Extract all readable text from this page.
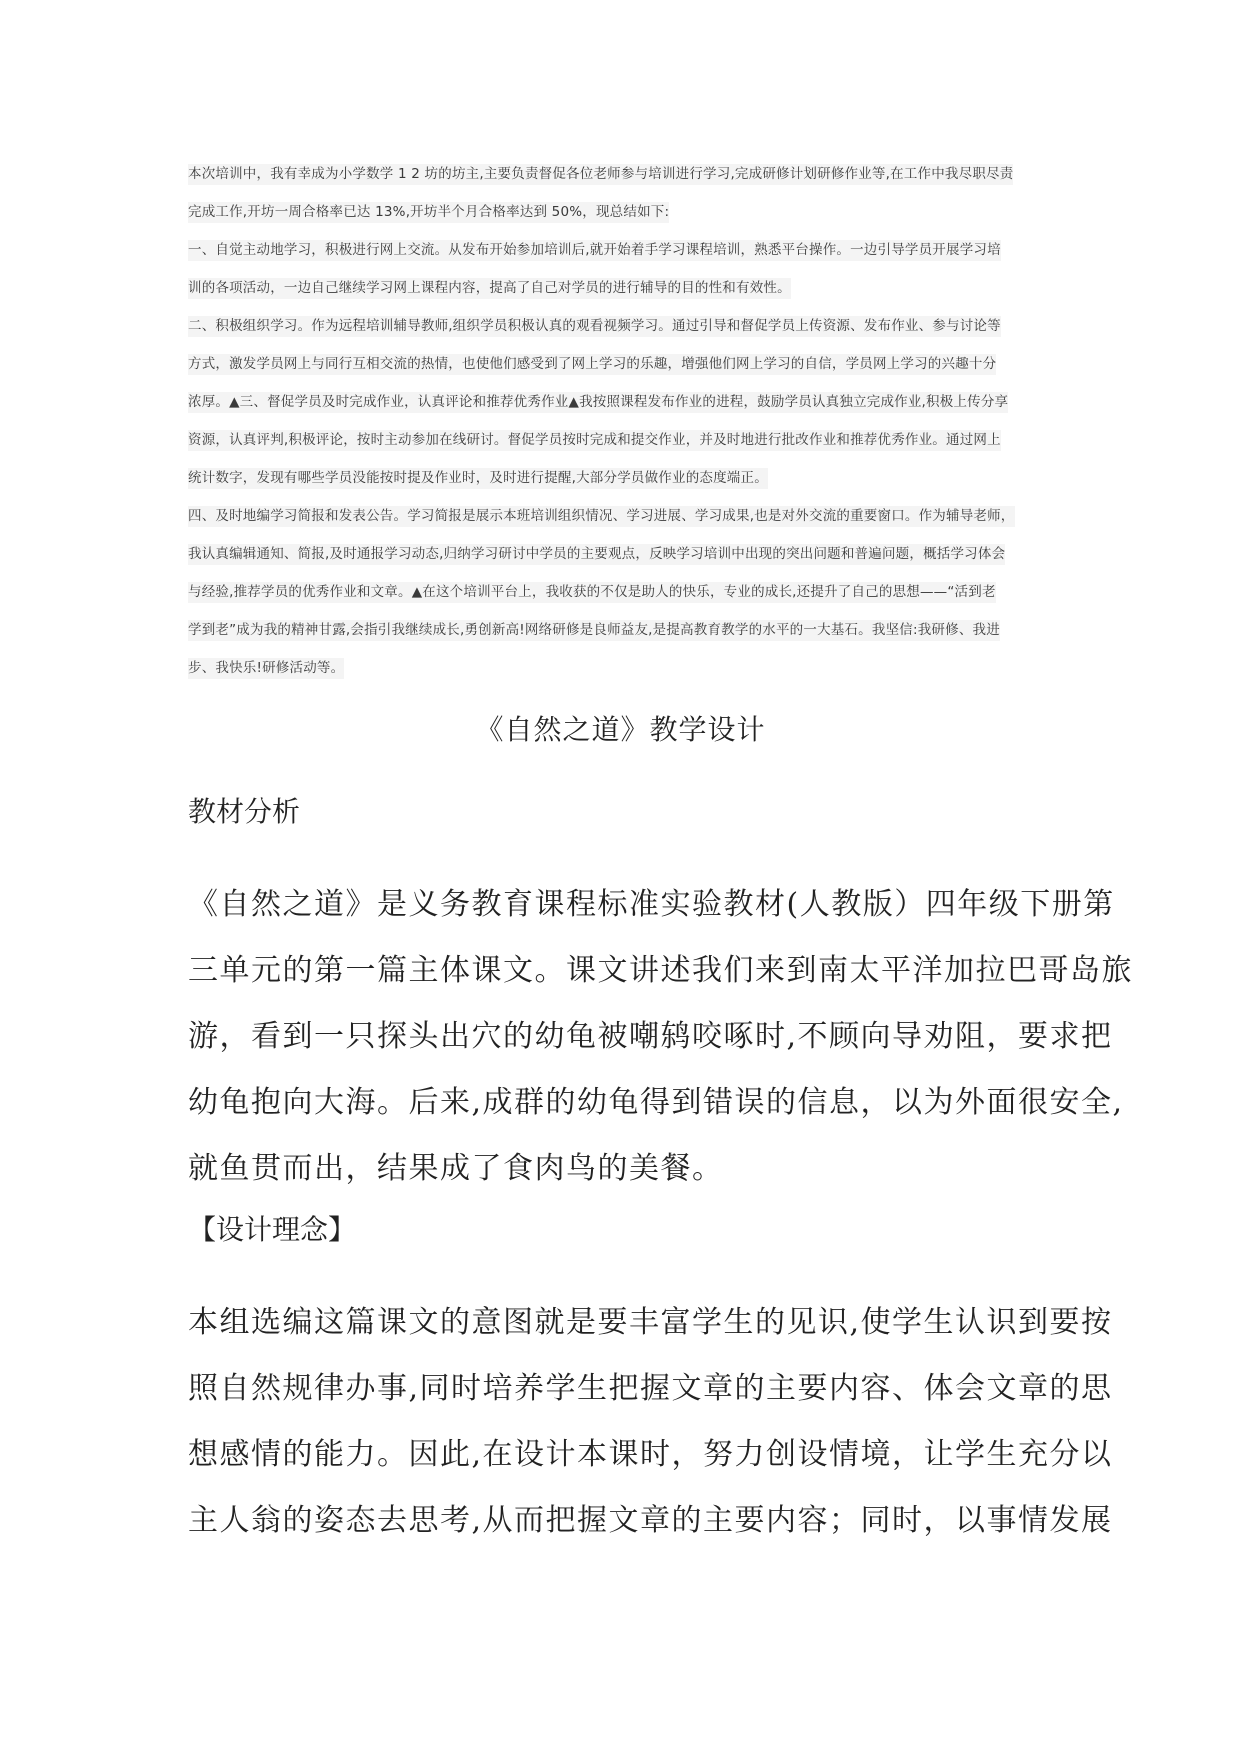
本次培训中，我有幸成为小学数学 1 2 坊的坊主,主要负责督促各位老师参与培训进行学习,完成研修计划研修作业等,在工作中我尽职尽责
完成工作,开坊一周合格率已达 13%,开坊半个月合格率达到 50%，现总结如下:
一、自觉主动地学习，积极进行网上交流。从发布开始参加培训后,就开始着手学习课程培训，熟悉平台操作。一边引导学员开展学习培
训的各项活动，一边自己继续学习网上课程内容，提高了自己对学员的进行辅导的目的性和有效性。
二、积极组织学习。作为远程培训辅导教师,组织学员积极认真的观看视频学习。通过引导和督促学员上传资源、发布作业、参与讨论等
方式，激发学员网上与同行互相交流的热情，也使他们感受到了网上学习的乐趣，增强他们网上学习的自信，学员网上学习的兴趣十分
浓厚。▲三、督促学员及时完成作业，认真评论和推荐优秀作业▲我按照课程发布作业的进程，鼓励学员认真独立完成作业,积极上传分享
资源，认真评判,积极评论，按时主动参加在线研讨。督促学员按时完成和提交作业，并及时地进行批改作业和推荐优秀作业。通过网上
统计数字，发现有哪些学员没能按时提及作业时，及时进行提醒,大部分学员做作业的态度端正。
四、及时地编学习简报和发表公告。学习简报是展示本班培训组织情况、学习进展、学习成果,也是对外交流的重要窗口。作为辅导老师，
我认真编辑通知、简报,及时通报学习动态,归纳学习研讨中学员的主要观点，反映学习培训中出现的突出问题和普遍问题，概括学习体会
与经验,推荐学员的优秀作业和文章。▲在这个培训平台上，我收获的不仅是助人的快乐，专业的成长,还提升了自己的思想——“活到老
学到老”成为我的精神甘露,会指引我继续成长,勇创新高!网络研修是良师益友,是提高教育教学的水平的一大基石。我坚信:我研修、我进
步、我快乐!研修活动等。
《自然之道》教学设计
教材分析
《自然之道》是义务教育课程标准实验教材(人教版）四年级下册第
三单元的第一篇主体课文。课文讲述我们来到南太平洋加拉巴哥岛旅
游，看到一只探头出穴的幼龟被嘲鸫咬啄时,不顾向导劝阻，要求把
幼龟抱向大海。后来,成群的幼龟得到错误的信息，以为外面很安全,
就鱼贯而出，结果成了食肉鸟的美餐。
【设计理念】
本组选编这篇课文的意图就是要丰富学生的见识,使学生认识到要按
照自然规律办事,同时培养学生把握文章的主要内容、体会文章的思
想感情的能力。因此,在设计本课时，努力创设情境，让学生充分以
主人翁的姿态去思考,从而把握文章的主要内容；同时，以事情发展
